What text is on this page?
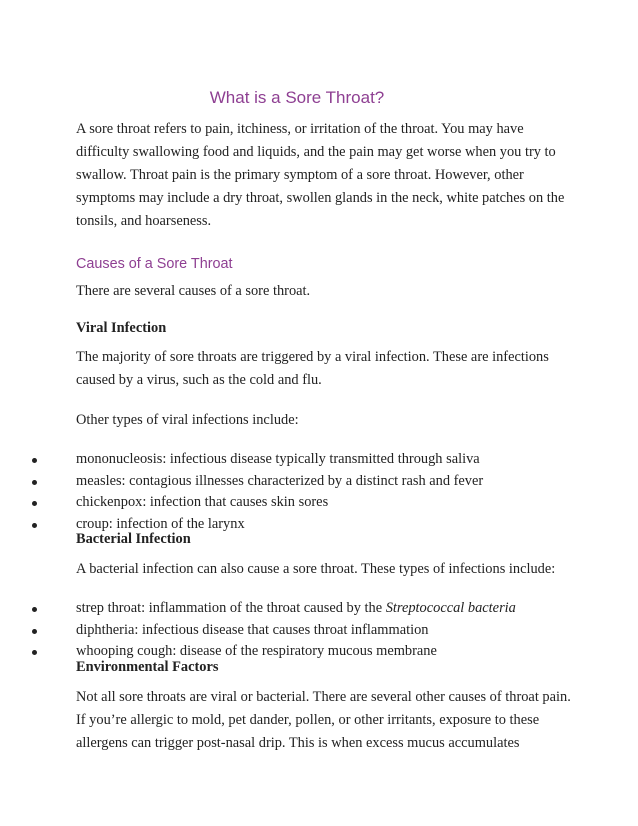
What is a Sore Throat?

A sore throat refers to pain, itchiness, or irritation of the throat. You may have difficulty swallowing food and liquids, and the pain may get worse when you try to swallow. Throat pain is the primary symptom of a sore throat. However, other symptoms may include a dry throat, swollen glands in the neck, white patches on the tonsils, and hoarseness.

Causes of a Sore Throat

There are several causes of a sore throat.

Viral Infection

The majority of sore throats are triggered by a viral infection. These are infections caused by a virus, such as the cold and flu.

Other types of viral infections include:

mononucleosis: infectious disease typically transmitted through saliva
measles: contagious illnesses characterized by a distinct rash and fever
chickenpox: infection that causes skin sores
croup: infection of the larynx
Bacterial Infection

A bacterial infection can also cause a sore throat. These types of infections include:

strep throat: inflammation of the throat caused by the Streptococcal bacteria
diphtheria: infectious disease that causes throat inflammation
whooping cough: disease of the respiratory mucous membrane
Environmental Factors

Not all sore throats are viral or bacterial. There are several other causes of throat pain. If you’re allergic to mold, pet dander, pollen, or other irritants, exposure to these allergens can trigger post-nasal drip. This is when excess mucus accumulates
